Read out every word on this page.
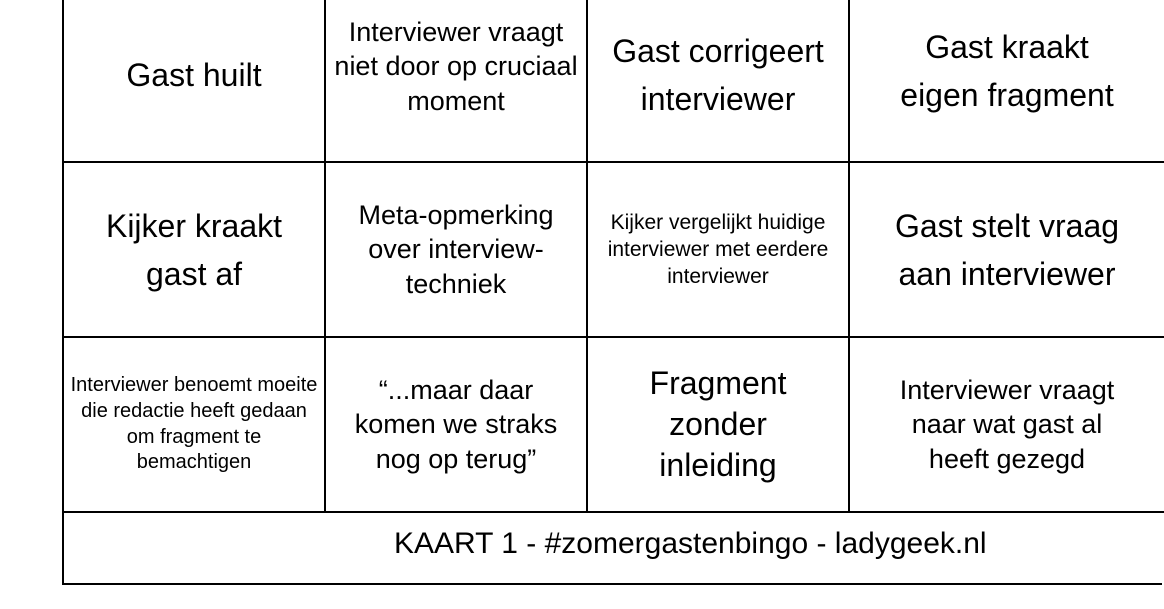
Gast huilt
Interviewer vraagt niet door op cruciaal moment
Gast corrigeert interviewer
Gast kraakt eigen fragment
Kijker kraakt gast af
Meta-opmerking over interview-techniek
Kijker vergelijkt huidige interviewer met eerdere interviewer
Gast stelt vraag aan interviewer
Interviewer benoemt moeite die redactie heeft gedaan om fragment te bemachtigen
“...maar daar komen we straks nog op terug”
Fragment zonder inleiding
Interviewer vraagt naar wat gast al heeft gezegd
KAART 1 - #zomergastenbingo - ladygeek.nl
